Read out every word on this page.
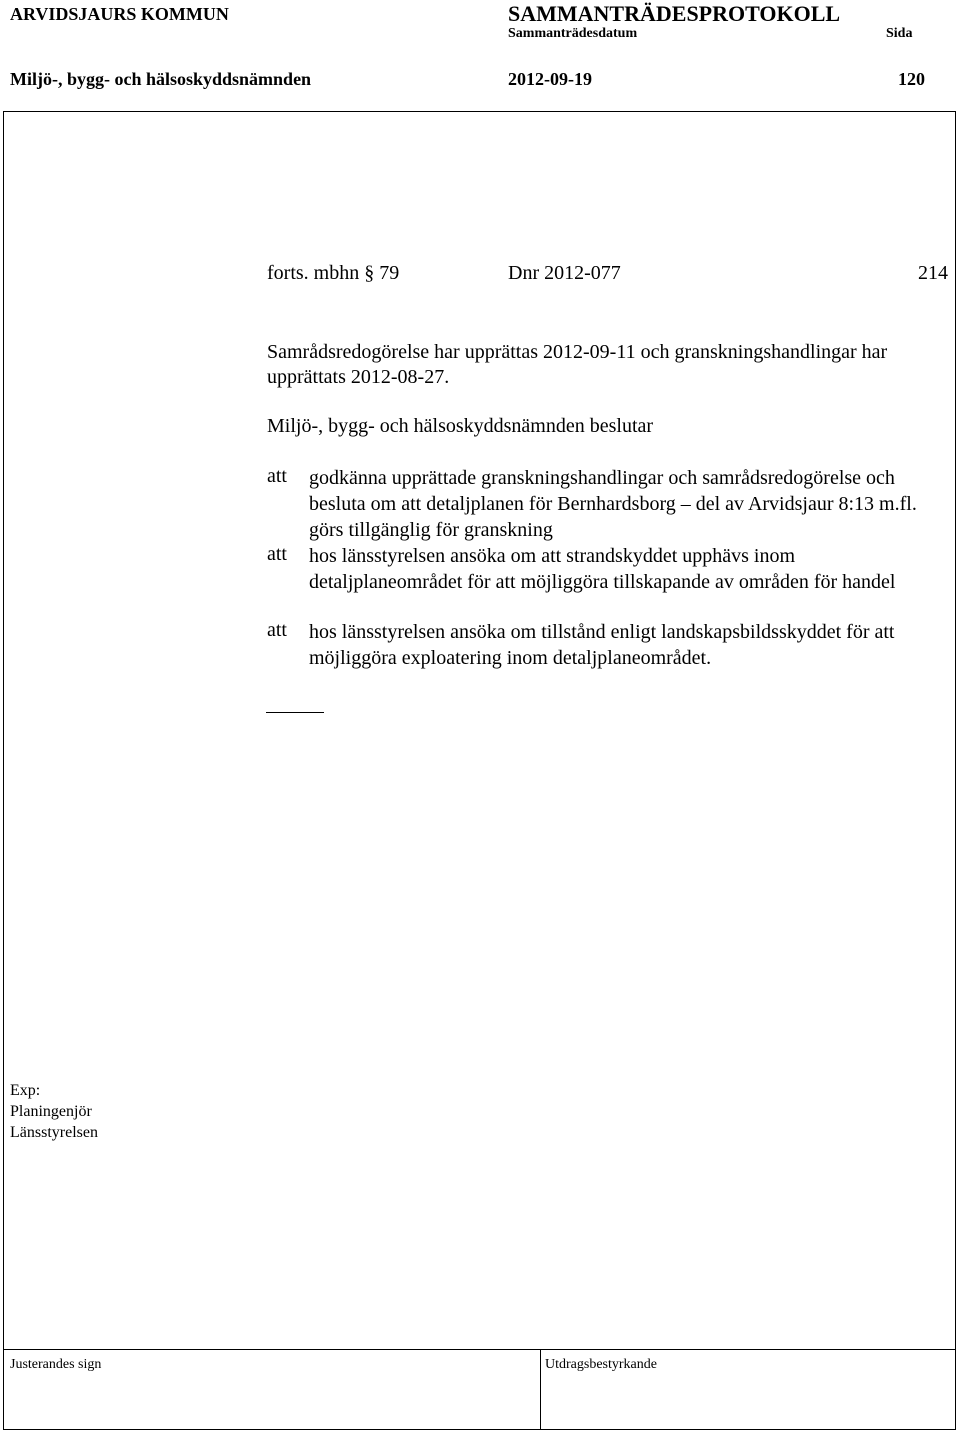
ARVIDSJAURS KOMMUN	SAMMANTRÄDESPROTOKOLL
Sammanträdesdatum	Sida
Miljö-, bygg- och hälsoskyddsnämnden	2012-09-19	120
forts. mbhn § 79	Dnr 2012-077	214
Samrådsredogörelse har upprättas 2012-09-11 och granskningshandlingar har upprättats 2012-08-27.
Miljö-, bygg- och hälsoskyddsnämnden beslutar
att godkänna upprättade granskningshandlingar och samrådsredogörelse och besluta om att detaljplanen för Bernhardsborg – del av Arvidsjaur 8:13 m.fl. görs tillgänglig för granskning
att hos länsstyrelsen ansöka om att strandskyddet upphävs inom detaljplaneområdet för att möjliggöra tillskapande av områden för handel
att hos länsstyrelsen ansöka om tillstånd enligt landskapsbildsskyddet för att möjliggöra exploatering inom detaljplaneområdet.
Exp:
Planingenjör
Länsstyrelsen
Justerandes sign	Utdragsbestyrkande
